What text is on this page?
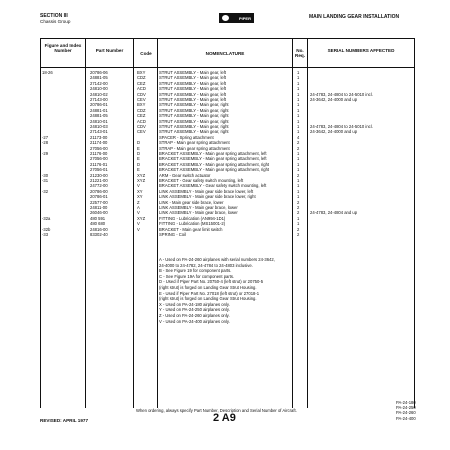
SECTION III
Chassis Group
PIPER	MAIN LANDING GEAR INSTALLATION
Figure and Index Number	Part Number
Code	NOMENCLATURE
No. Req.
SERIAL NUMBERS AFFECTED
18-26	20786-06	BXY	STRUT ASSEMBLY - Main gear, left	1
24881-05	CDZ	STRUT ASSEMBLY - Main gear, left	1
27142-00	CEZ	STRUT ASSEMBLY - Main gear, left	1
24810-00	ACD	STRUT ASSEMBLY - Main gear, left	1
24810-02	CDV	STRUT ASSEMBLY - Main gear, left	1	24-4783, 24-4804 to 24-5010 incl.
27143-00	CEV	STRUT ASSEMBLY - Main gear, left	1	24-3642, 24-4000 and up
20786-01	BXY	STRUT ASSEMBLY - Main gear, right	1
24881-01	CDZ	STRUT ASSEMBLY - Main gear, right	1
24881-05	CEZ	STRUT ASSEMBLY - Main gear, right	1
24810-01	ACD	STRUT ASSEMBLY - Main gear, right	1
24810-03	CDV	STRUT ASSEMBLY - Main gear, right	1	24-4783, 24-4804 to 24-5010 incl.
27143-01	CEV	STRUT ASSEMBLY - Main gear, right	1	24-3642, 24-4000 and up
-27	21173-00	SPACER - Spring attachment	4
-28	21174-00	D	STRAP - Main gear spring attachment	2
27056-00	E	STRAP - Main gear spring attachment	2
-29	21176-00	D	BRACKET ASSEMBLY - Main gear spring attachment, left	1
27056-00	E	BRACKET ASSEMBLY - Main gear spring attachment, left	1
21176-01	D	BRACKET ASSEMBLY - Main gear spring attachment, right	1
27056-01	E	BRACKET ASSEMBLY - Main gear spring attachment, right	1
-30	21230-00	XYZ	ARM - Gear switch actuator	2
-31	21221-00	XYZ	BRACKET - Gear safety switch mounting, left	1
24772-00	V	BRACKET ASSEMBLY - Gear safety switch mounting, left	1
-32	20786-00	XY	LINK ASSEMBLY - Main gear side brace lower, left	1
20786-01	XY	LINK ASSEMBLY - Main gear side brace lower, right	1
22577-00	Z	LINK - Main gear side brace, lower	2
24811-00	A	LINK ASSEMBLY - Main gear brace, lower	2
26046-00	V	LINK ASSEMBLY - Main gear brace, lower	2	24-4783, 24-4804 and up
-32a	480 591	XYZ	FITTING - Lubrication (AN994-1D1)	1
480 680	V	FITTING - Lubrication (MS15001-2)	1
-32b	24816-00	V	BRACKET - Main gear limit switch	2
-33	83302-40	SPRING - Coil	2
A - Used on PA-24-260 airplanes with serial numbers 24-3642,
24-4000 to 24-4782, 24-4784 to 24-4803 inclusive.
B - See Figure 19 for component parts.
C - See Figure 19A for component parts.
D - Used if Piper Part No. 20750-4 (left strut) or 20750-5
(right strut) is forged on Landing Gear Strut Housing.
E - Used if Piper Part No. 27018 (left strut) or 27018-1
(right strut) is forged on Landing Gear Strut Housing.
X - Used on PA-24-180 airplanes only.
Y - Used on PA-24-250 airplanes only.
Z - Used on PA-24-260 airplanes only.
V - Used on PA-24-400 airplanes only.
When ordering, always specify Part Number, Description and Serial Number of Aircraft.
REVISED: APRIL 1977	2 A9
PA-24-180
PA-24-250
PA-24-260
PA-24-400
